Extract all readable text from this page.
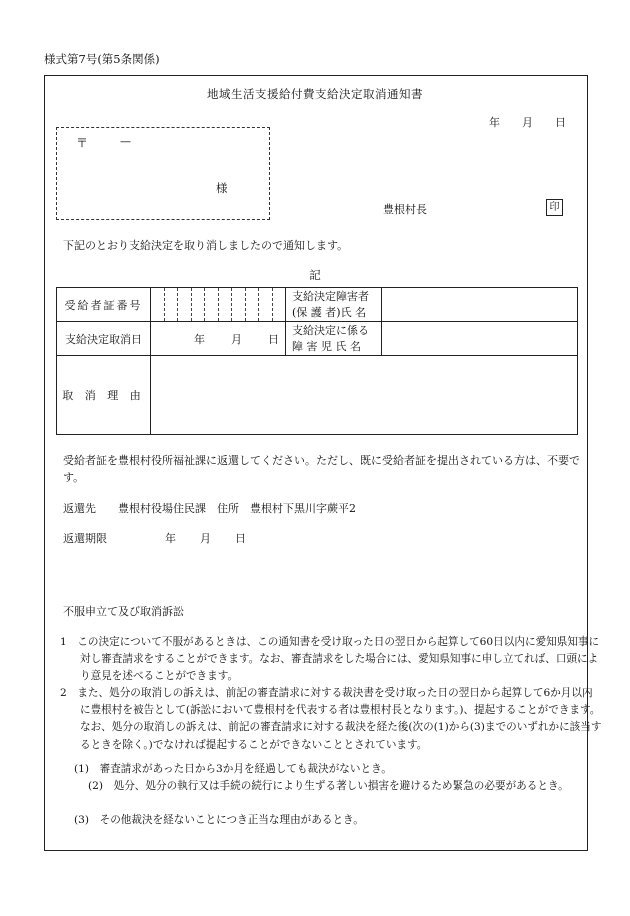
様式第7号(第5条関係)
地域生活支援給付費支給決定取消通知書
年 月 日
〒	—
様
豊根村長	印
下記のとおり支給決定を取り消しましたので通知します。
記
受給者証番号		支給決定障害者
(保 護 者)氏 名	

支給決定取消日	年 月 日	支給決定に係る
障 害 児 氏 名	

取 消 理 由			
受給者証を豊根村役所福祉課に返還してください。ただし、既に受給者証を提出されている方は、不要です。
返還先　　豊根村役場住民課　住所　豊根村下黒川字蕨平2
返還期限	年 月 日
不服申立て及び取消訴訟
1　この決定について不服があるときは、この通知書を受け取った日の翌日から起算して60日以内に愛知県知事に対し審査請求をすることができます。なお、審査請求をした場合には、愛知県知事に申し立てれば、口頭により意見を述べることができます。
2　また、処分の取消しの訴えは、前記の審査請求に対する裁決書を受け取った日の翌日から起算して6か月以内に豊根村を被告として(訴訟において豊根村を代表する者は豊根村長となります。)、提起することができます。なお、処分の取消しの訴えは、前記の審査請求に対する裁決を経た後(次の(1)から(3)までのいずれかに該当するときを除く。)でなければ提起することができないこととされています。
(1)　審査請求があった日から3か月を経過しても裁決がないとき。
(2)　処分、処分の執行又は手続の続行により生ずる著しい損害を避けるため緊急の必要があるとき。
(3)　その他裁決を経ないことにつき正当な理由があるとき。
